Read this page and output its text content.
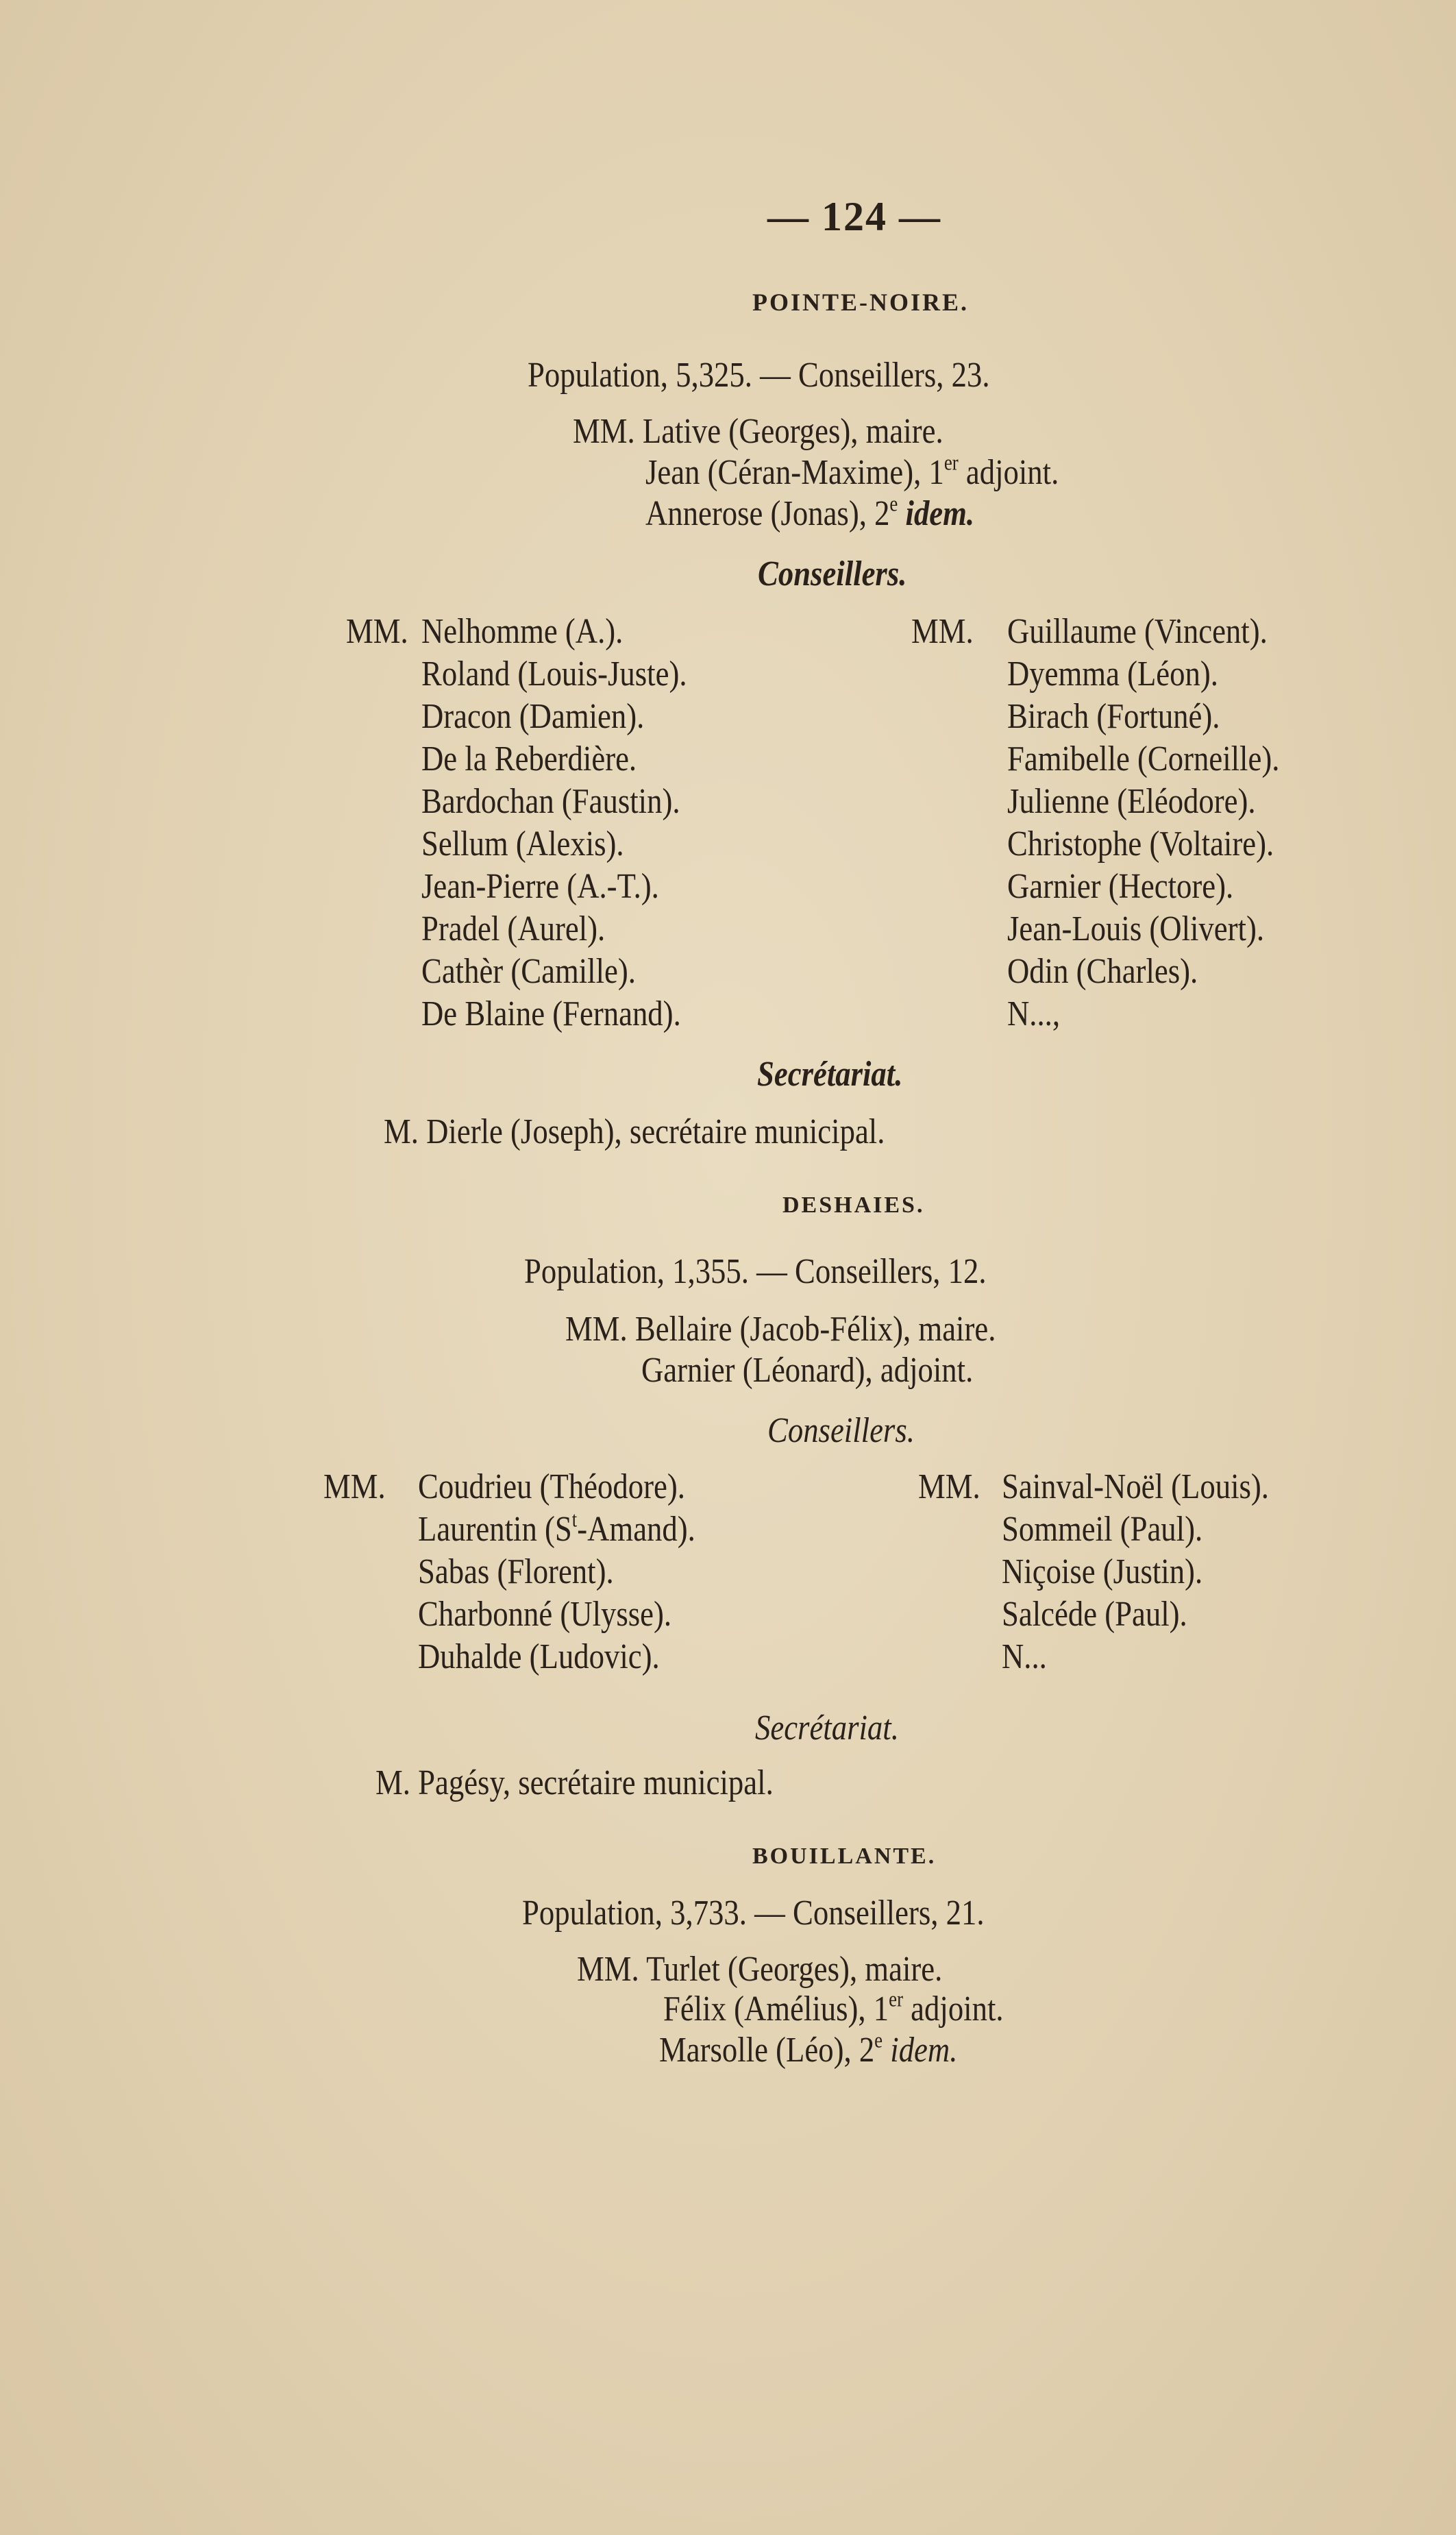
— 124 —
POINTE-NOIRE.
Population, 5,325. — Conseillers, 23.
MM. Lative (Georges), maire.
Jean (Céran-Maxime), 1er adjoint.
Annerose (Jonas), 2e idem.
Conseillers.
MM.	MM.
Nelhomme (A.).
Roland (Louis-Juste).
Dracon (Damien).
De la Reberdière.
Bardochan (Faustin).
Sellum (Alexis).
Jean-Pierre (A.-T.).
Pradel (Aurel).
Cathèr (Camille).
De Blaine (Fernand).
Guillaume (Vincent).
Dyemma (Léon).
Birach (Fortuné).
Famibelle (Corneille).
Julienne (Eléodore).
Christophe (Voltaire).
Garnier (Hectore).
Jean-Louis (Olivert).
Odin (Charles).
N...,
Secrétariat.
M. Dierle (Joseph), secrétaire municipal.
DESHAIES.
Population, 1,355. — Conseillers, 12.
MM. Bellaire (Jacob-Félix), maire.
Garnier (Léonard), adjoint.
Conseillers.
MM.	MM.
Coudrieu (Théodore).
Laurentin $(S^t-Amand)$.
Sabas (Florent).
Charbonné (Ulysse).
Duhalde (Ludovic).
Sainval-Noël (Louis).
Sommeil (Paul).
Niçoise (Justin).
Salcéde (Paul).
N...
Secrétariat.
M. Pagésy, secrétaire municipal.
BOUILLANTE.
Population, 3,733. — Conseillers, 21.
MM. Turlet (Georges), maire.
Félix (Amélius), 1er adjoint.
Marsolle (Léo), 2e idem.
